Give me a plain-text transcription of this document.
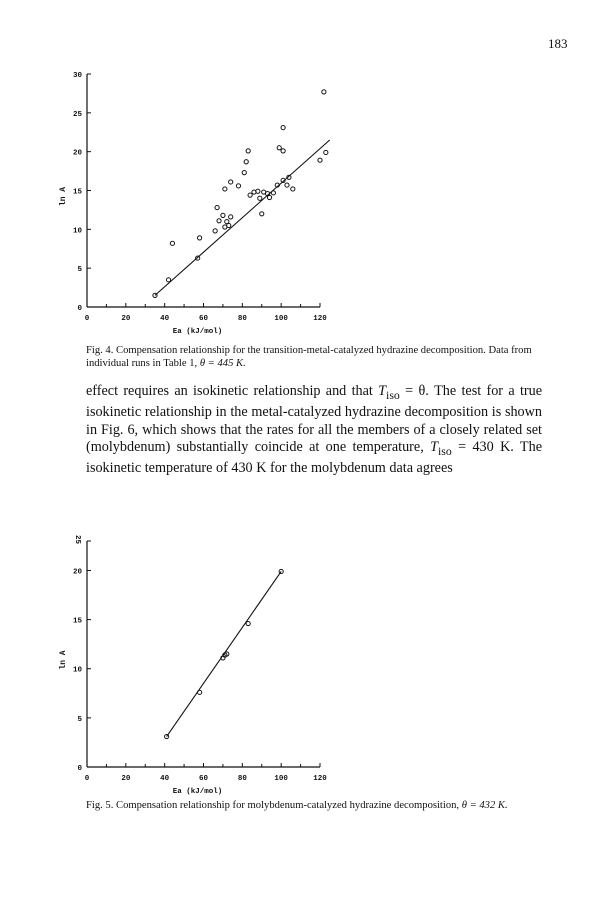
183
0	20	40	60	80	100	120
0
5
10
15
20
25
30
Ea (kJ/mol)
ln A
Fig. 4. Compensation relationship for the transition-metal-catalyzed hydrazine decomposition. Data from individual runs in Table 1, θ = 445 K.

effect requires an isokinetic relationship and that $T_{iso} = \theta$. The test for a true isokinetic relationship in the metal-catalyzed hydrazine decomposition is shown in Fig. 6, which shows that the rates for all the members of a closely related set (molybdenum) substantially coincide at one temperature, $T_{iso} = 430$ K. The isokinetic temperature of 430 K for the molybdenum data agrees

0	20	40	60	80	100	120
0
5
10
15
20
25
Ea (kJ/mol)
ln A
Fig. 5. Compensation relationship for molybdenum-catalyzed hydrazine decomposition, θ = 432 K.
